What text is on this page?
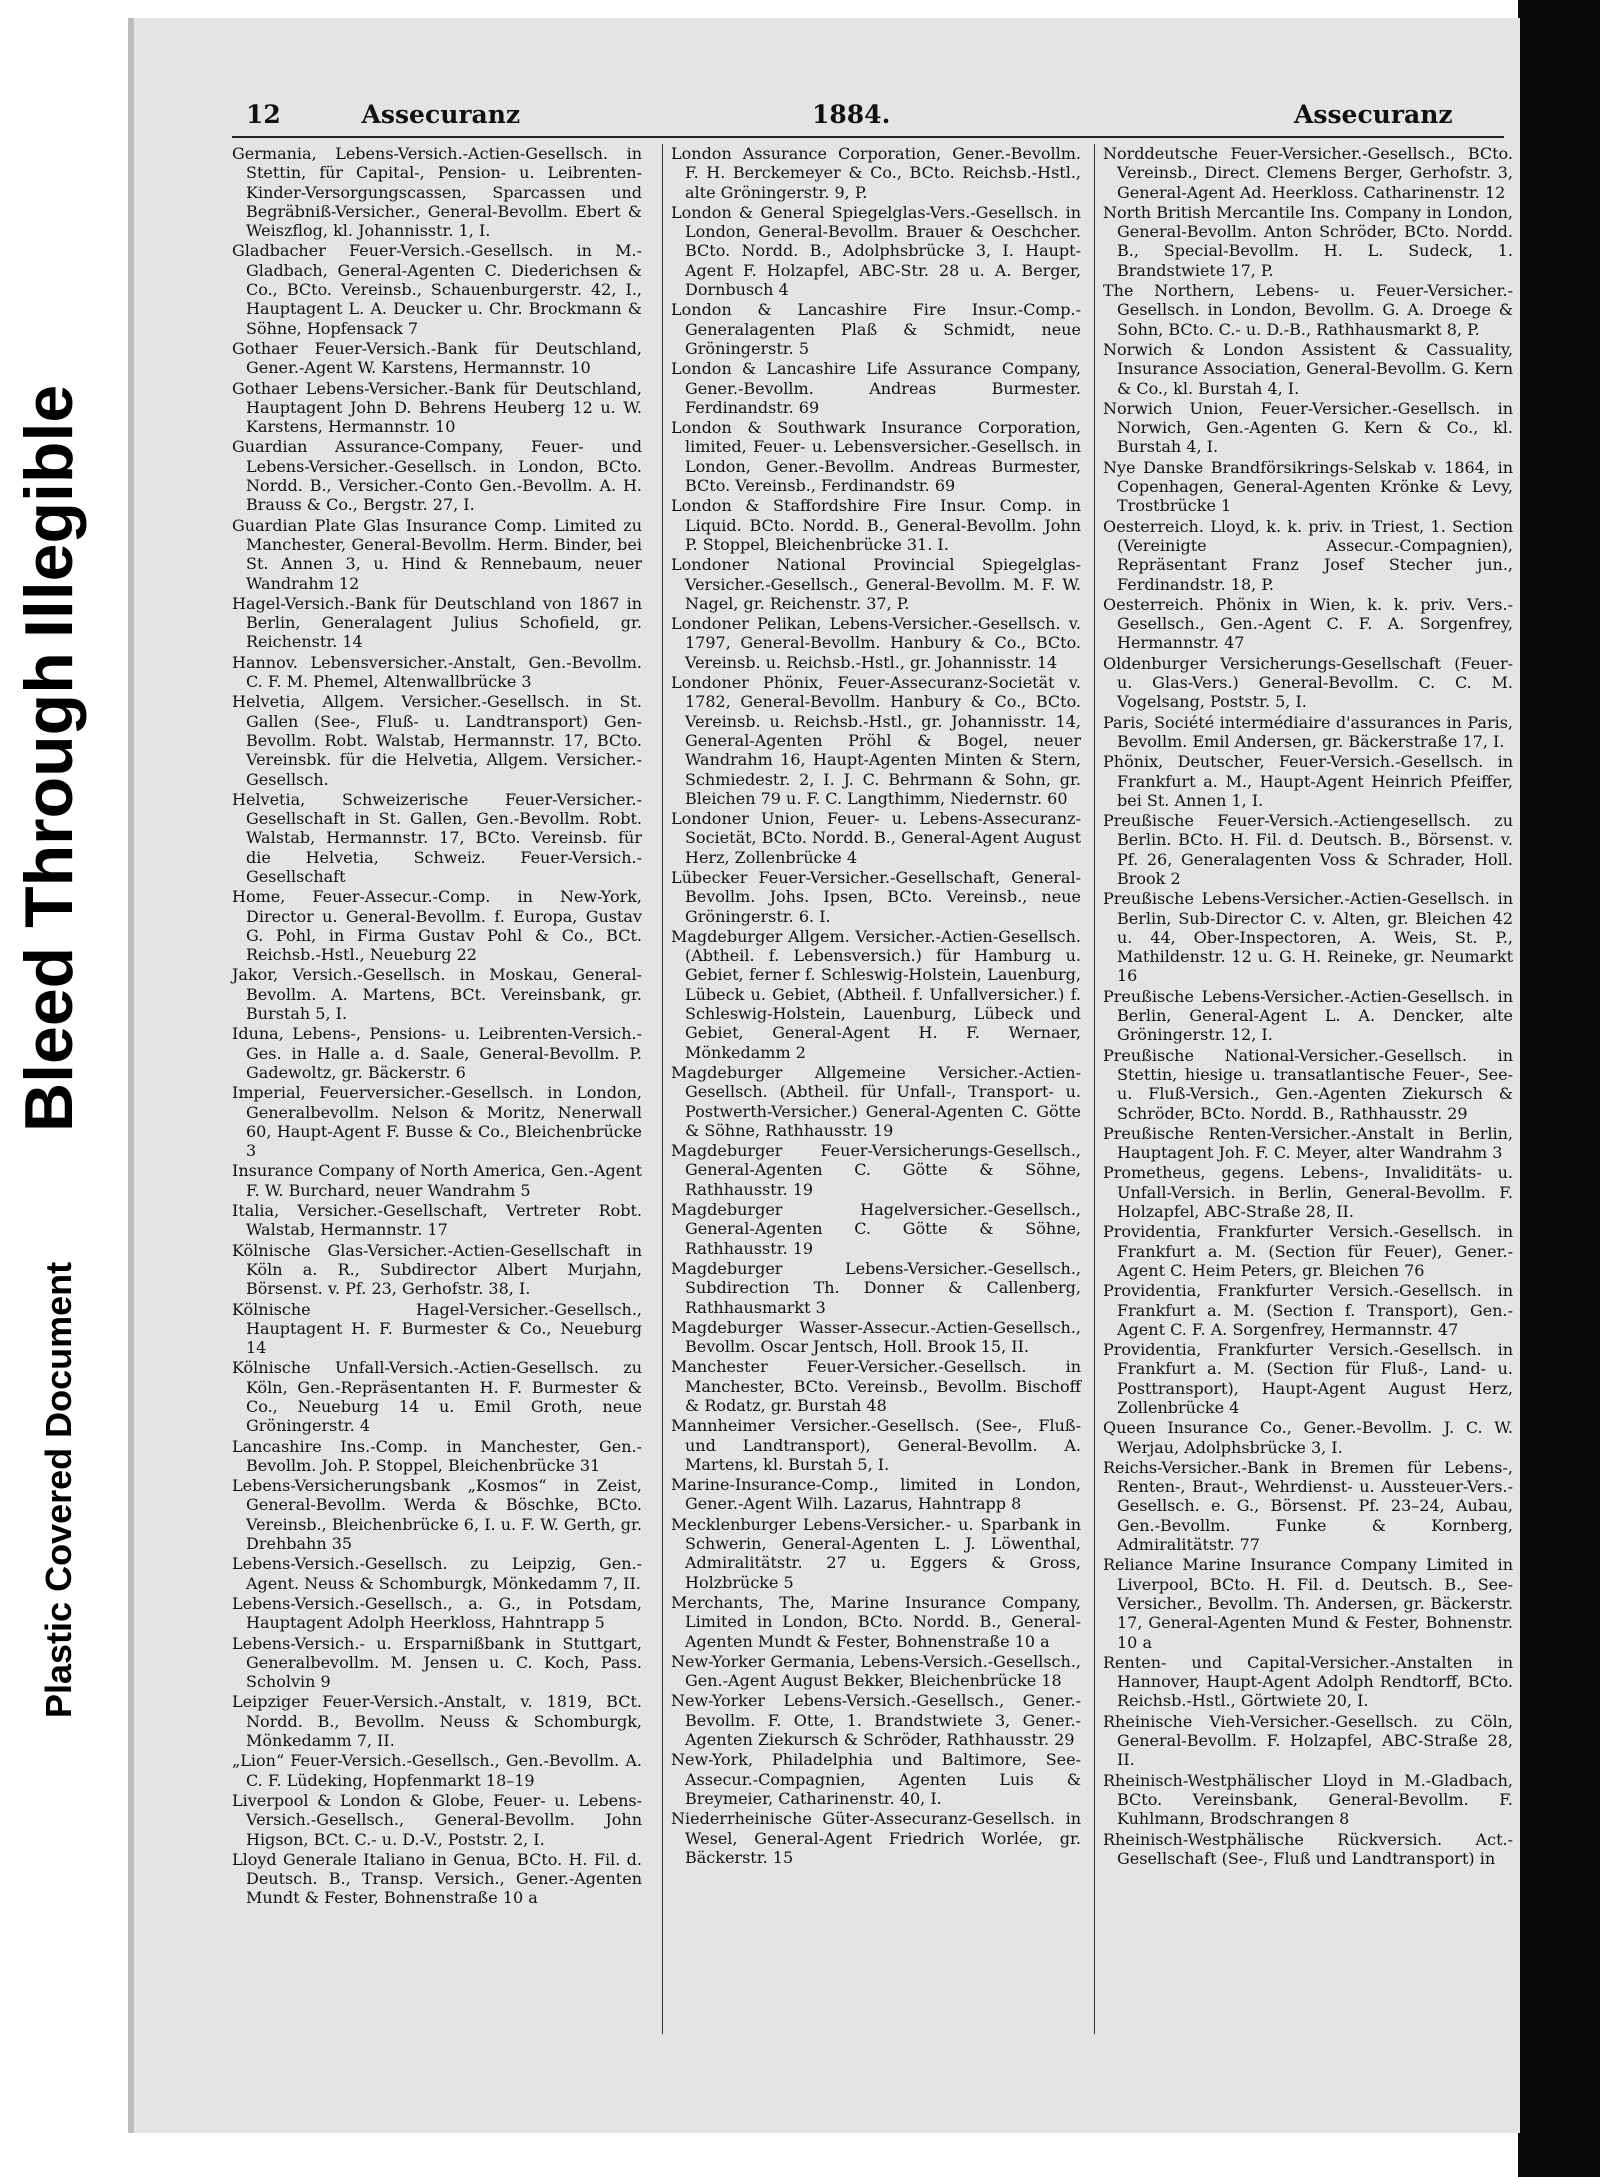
Plastic Covered Document
Bleed Through
Illegible
12	Assecuranz	1884.	Assecuranz

Germania, Lebens-Versich.-Actien-Gesellsch. in Stettin, für Capital-, Pension- u. Leibrenten-Kinder-Versorgungscassen, Sparcassen und Begräbniß-Versicher., General-Bevollm. Ebert & Weiszflog, kl. Johannisstr. 1, I.

Gladbacher Feuer-Versich.-Gesellsch. in M.-Gladbach, General-Agenten C. Diederichsen & Co., BCto. Vereinsb., Schauenburgerstr. 42, I., Hauptagent L. A. Deucker u. Chr. Brockmann & Söhne, Hopfensack 7

Gothaer Feuer-Versich.-Bank für Deutschland, Gener.-Agent W. Karstens, Hermannstr. 10

Gothaer Lebens-Versicher.-Bank für Deutschland, Hauptagent John D. Behrens Heuberg 12 u. W. Karstens, Hermannstr. 10

Guardian Assurance-Company, Feuer- und Lebens-Versicher.-Gesellsch. in London, BCto. Nordd. B., Versicher.-Conto Gen.-Bevollm. A. H. Brauss & Co., Bergstr. 27, I.

Guardian Plate Glas Insurance Comp. Limited zu Manchester, General-Bevollm. Herm. Binder, bei St. Annen 3, u. Hind & Rennebaum, neuer Wandrahm 12

Hagel-Versich.-Bank für Deutschland von 1867 in Berlin, Generalagent Julius Schofield, gr. Reichenstr. 14

Hannov. Lebensversicher.-Anstalt, Gen.-Bevollm. C. F. M. Phemel, Altenwallbrücke 3

Helvetia, Allgem. Versicher.-Gesellsch. in St. Gallen (See-, Fluß- u. Landtransport) Gen-Bevollm. Robt. Walstab, Hermannstr. 17, BCto. Vereinsbk. für die Helvetia, Allgem. Versicher.-Gesellsch.

Helvetia, Schweizerische Feuer-Versicher.-Gesellschaft in St. Gallen, Gen.-Bevollm. Robt. Walstab, Hermannstr. 17, BCto. Vereinsb. für die Helvetia, Schweiz. Feuer-Versich.-Gesellschaft

Home, Feuer-Assecur.-Comp. in New-York, Director u. General-Bevollm. f. Europa, Gustav G. Pohl, in Firma Gustav Pohl & Co., BCt. Reichsb.-Hstl., Neueburg 22

Jakor, Versich.-Gesellsch. in Moskau, General-Bevollm. A. Martens, BCt. Vereinsbank, gr. Burstah 5, I.

Iduna, Lebens-, Pensions- u. Leibrenten-Versich.-Ges. in Halle a. d. Saale, General-Bevollm. P. Gadewoltz, gr. Bäckerstr. 6

Imperial, Feuerversicher.-Gesellsch. in London, Generalbevollm. Nelson & Moritz, Nenerwall 60, Haupt-Agent F. Busse & Co., Bleichenbrücke 3

Insurance Company of North America, Gen.-Agent F. W. Burchard, neuer Wandrahm 5

Italia, Versicher.-Gesellschaft, Vertreter Robt. Walstab, Hermannstr. 17

Kölnische Glas-Versicher.-Actien-Gesellschaft in Köln a. R., Subdirector Albert Murjahn, Börsenst. v. Pf. 23, Gerhofstr. 38, I.

Kölnische Hagel-Versicher.-Gesellsch., Hauptagent H. F. Burmester & Co., Neueburg 14

Kölnische Unfall-Versich.-Actien-Gesellsch. zu Köln, Gen.-Repräsentanten H. F. Burmester & Co., Neueburg 14 u. Emil Groth, neue Gröningerstr. 4

Lancashire Ins.-Comp. in Manchester, Gen.-Bevollm. Joh. P. Stoppel, Bleichenbrücke 31

Lebens-Versicherungsbank „Kosmos“ in Zeist, General-Bevollm. Werda & Böschke, BCto. Vereinsb., Bleichenbrücke 6, I. u. F. W. Gerth, gr. Drehbahn 35

Lebens-Versich.-Gesellsch. zu Leipzig, Gen.-Agent. Neuss & Schomburgk, Mönkedamm 7, II.

Lebens-Versich.-Gesellsch., a. G., in Potsdam, Hauptagent Adolph Heerkloss, Hahntrapp 5

Lebens-Versich.- u. Ersparnißbank in Stuttgart, Generalbevollm. M. Jensen u. C. Koch, Pass. Scholvin 9

Leipziger Feuer-Versich.-Anstalt, v. 1819, BCt. Nordd. B., Bevollm. Neuss & Schomburgk, Mönkedamm 7, II.

„Lion“ Feuer-Versich.-Gesellsch., Gen.-Bevollm. A. C. F. Lüdeking, Hopfenmarkt 18–19

Liverpool & London & Globe, Feuer- u. Lebens-Versich.-Gesellsch., General-Bevollm. John Higson, BCt. C.- u. D.-V., Poststr. 2, I.

Lloyd Generale Italiano in Genua, BCto. H. Fil. d. Deutsch. B., Transp. Versich., Gener.-Agenten Mundt & Fester, Bohnenstraße 10 a

London Assurance Corporation, Gener.-Bevollm. F. H. Berckemeyer & Co., BCto. Reichsb.-Hstl., alte Gröningerstr. 9, P.

London & General Spiegelglas-Vers.-Gesellsch. in London, General-Bevollm. Brauer & Oeschcher. BCto. Nordd. B., Adolphsbrücke 3, I. Haupt-Agent F. Holzapfel, ABC-Str. 28 u. A. Berger, Dornbusch 4

London & Lancashire Fire Insur.-Comp.-Generalagenten Plaß & Schmidt, neue Gröningerstr. 5

London & Lancashire Life Assurance Company, Gener.-Bevollm. Andreas Burmester. Ferdinandstr. 69

London & Southwark Insurance Corporation, limited, Feuer- u. Lebensversicher.-Gesellsch. in London, Gener.-Bevollm. Andreas Burmester, BCto. Vereinsb., Ferdinandstr. 69

London & Staffordshire Fire Insur. Comp. in Liquid. BCto. Nordd. B., General-Bevollm. John P. Stoppel, Bleichenbrücke 31. I.

Londoner National Provincial Spiegelglas-Versicher.-Gesellsch., General-Bevollm. M. F. W. Nagel, gr. Reichenstr. 37, P.

Londoner Pelikan, Lebens-Versicher.-Gesellsch. v. 1797, General-Bevollm. Hanbury & Co., BCto. Vereinsb. u. Reichsb.-Hstl., gr. Johannisstr. 14

Londoner Phönix, Feuer-Assecuranz-Societät v. 1782, General-Bevollm. Hanbury & Co., BCto. Vereinsb. u. Reichsb.-Hstl., gr. Johannisstr. 14, General-Agenten Pröhl & Bogel, neuer Wandrahm 16, Haupt-Agenten Minten & Stern, Schmiedestr. 2, I. J. C. Behrmann & Sohn, gr. Bleichen 79 u. F. C. Langthimm, Niedernstr. 60

Londoner Union, Feuer- u. Lebens-Assecuranz-Societät, BCto. Nordd. B., General-Agent August Herz, Zollenbrücke 4

Lübecker Feuer-Versicher.-Gesellschaft, General-Bevollm. Johs. Ipsen, BCto. Vereinsb., neue Gröningerstr. 6. I.

Magdeburger Allgem. Versicher.-Actien-Gesellsch. (Abtheil. f. Lebensversich.) für Hamburg u. Gebiet, ferner f. Schleswig-Holstein, Lauenburg, Lübeck u. Gebiet, (Abtheil. f. Unfallversicher.) f. Schleswig-Holstein, Lauenburg, Lübeck und Gebiet, General-Agent H. F. Wernaer, Mönkedamm 2

Magdeburger Allgemeine Versicher.-Actien-Gesellsch. (Abtheil. für Unfall-, Transport- u. Postwerth-Versicher.) General-Agenten C. Götte & Söhne, Rathhausstr. 19

Magdeburger Feuer-Versicherungs-Gesellsch., General-Agenten C. Götte & Söhne, Rathhausstr. 19

Magdeburger Hagelversicher.-Gesellsch., General-Agenten C. Götte & Söhne, Rathhausstr. 19

Magdeburger Lebens-Versicher.-Gesellsch., Subdirection Th. Donner & Callenberg, Rathhausmarkt 3

Magdeburger Wasser-Assecur.-Actien-Gesellsch., Bevollm. Oscar Jentsch, Holl. Brook 15, II.

Manchester Feuer-Versicher.-Gesellsch. in Manchester, BCto. Vereinsb., Bevollm. Bischoff & Rodatz, gr. Burstah 48

Mannheimer Versicher.-Gesellsch. (See-, Fluß- und Landtransport), General-Bevollm. A. Martens, kl. Burstah 5, I.

Marine-Insurance-Comp., limited in London, Gener.-Agent Wilh. Lazarus, Hahntrapp 8

Mecklenburger Lebens-Versicher.- u. Sparbank in Schwerin, General-Agenten L. J. Löwenthal, Admiralitätstr. 27 u. Eggers & Gross, Holzbrücke 5

Merchants, The, Marine Insurance Company, Limited in London, BCto. Nordd. B., General-Agenten Mundt & Fester, Bohnenstraße 10 a

New-Yorker Germania, Lebens-Versich.-Gesellsch., Gen.-Agent August Bekker, Bleichenbrücke 18

New-Yorker Lebens-Versich.-Gesellsch., Gener.-Bevollm. F. Otte, 1. Brandstwiete 3, Gener.-Agenten Ziekursch & Schröder, Rathhausstr. 29

New-York, Philadelphia und Baltimore, See-Assecur.-Compagnien, Agenten Luis & Breymeier, Catharinenstr. 40, I.

Niederrheinische Güter-Assecuranz-Gesellsch. in Wesel, General-Agent Friedrich Worlée, gr. Bäckerstr. 15

Norddeutsche Feuer-Versicher.-Gesellsch., BCto. Vereinsb., Direct. Clemens Berger, Gerhofstr. 3, General-Agent Ad. Heerkloss. Catharinenstr. 12

North British Mercantile Ins. Company in London, General-Bevollm. Anton Schröder, BCto. Nordd. B., Special-Bevollm. H. L. Sudeck, 1. Brandstwiete 17, P.

The Northern, Lebens- u. Feuer-Versicher.-Gesellsch. in London, Bevollm. G. A. Droege & Sohn, BCto. C.- u. D.-B., Rathhausmarkt 8, P.

Norwich & London Assistent & Cassuality, Insurance Association, General-Bevollm. G. Kern & Co., kl. Burstah 4, I.

Norwich Union, Feuer-Versicher.-Gesellsch. in Norwich, Gen.-Agenten G. Kern & Co., kl. Burstah 4, I.

Nye Danske Brandförsikrings-Selskab v. 1864, in Copenhagen, General-Agenten Krönke & Levy, Trostbrücke 1

Oesterreich. Lloyd, k. k. priv. in Triest, 1. Section (Vereinigte Assecur.-Compagnien), Repräsentant Franz Josef Stecher jun., Ferdinandstr. 18, P.

Oesterreich. Phönix in Wien, k. k. priv. Vers.-Gesellsch., Gen.-Agent C. F. A. Sorgenfrey, Hermannstr. 47

Oldenburger Versicherungs-Gesellschaft (Feuer- u. Glas-Vers.) General-Bevollm. C. C. M. Vogelsang, Poststr. 5, I.

Paris, Société intermédiaire d'assurances in Paris, Bevollm. Emil Andersen, gr. Bäckerstraße 17, I.

Phönix, Deutscher, Feuer-Versich.-Gesellsch. in Frankfurt a. M., Haupt-Agent Heinrich Pfeiffer, bei St. Annen 1, I.

Preußische Feuer-Versich.-Actiengesellsch. zu Berlin. BCto. H. Fil. d. Deutsch. B., Börsenst. v. Pf. 26, Generalagenten Voss & Schrader, Holl. Brook 2

Preußische Lebens-Versicher.-Actien-Gesellsch. in Berlin, Sub-Director C. v. Alten, gr. Bleichen 42 u. 44, Ober-Inspectoren, A. Weis, St. P., Mathildenstr. 12 u. G. H. Reineke, gr. Neumarkt 16

Preußische Lebens-Versicher.-Actien-Gesellsch. in Berlin, General-Agent L. A. Dencker, alte Gröningerstr. 12, I.

Preußische National-Versicher.-Gesellsch. in Stettin, hiesige u. transatlantische Feuer-, See- u. Fluß-Versich., Gen.-Agenten Ziekursch & Schröder, BCto. Nordd. B., Rathhausstr. 29

Preußische Renten-Versicher.-Anstalt in Berlin, Hauptagent Joh. F. C. Meyer, alter Wandrahm 3

Prometheus, gegens. Lebens-, Invaliditäts- u. Unfall-Versich. in Berlin, General-Bevollm. F. Holzapfel, ABC-Straße 28, II.

Providentia, Frankfurter Versich.-Gesellsch. in Frankfurt a. M. (Section für Feuer), Gener.-Agent C. Heim Peters, gr. Bleichen 76

Providentia, Frankfurter Versich.-Gesellsch. in Frankfurt a. M. (Section f. Transport), Gen.-Agent C. F. A. Sorgenfrey, Hermannstr. 47

Providentia, Frankfurter Versich.-Gesellsch. in Frankfurt a. M. (Section für Fluß-, Land- u. Posttransport), Haupt-Agent August Herz, Zollenbrücke 4

Queen Insurance Co., Gener.-Bevollm. J. C. W. Werjau, Adolphsbrücke 3, I.

Reichs-Versicher.-Bank in Bremen für Lebens-, Renten-, Braut-, Wehrdienst- u. Aussteuer-Vers.-Gesellsch. e. G., Börsenst. Pf. 23–24, Aubau, Gen.-Bevollm. Funke & Kornberg, Admiralitätstr. 77

Reliance Marine Insurance Company Limited in Liverpool, BCto. H. Fil. d. Deutsch. B., See-Versicher., Bevollm. Th. Andersen, gr. Bäckerstr. 17, General-Agenten Mund & Fester, Bohnenstr. 10 a

Renten- und Capital-Versicher.-Anstalten in Hannover, Haupt-Agent Adolph Rendtorff, BCto. Reichsb.-Hstl., Görtwiete 20, I.

Rheinische Vieh-Versicher.-Gesellsch. zu Cöln, General-Bevollm. F. Holzapfel, ABC-Straße 28, II.

Rheinisch-Westphälischer Lloyd in M.-Gladbach, BCto. Vereinsbank, General-Bevollm. F. Kuhlmann, Brodschrangen 8

Rheinisch-Westphälische Rückversich. Act.-Gesellschaft (See-, Fluß und Landtransport) in
